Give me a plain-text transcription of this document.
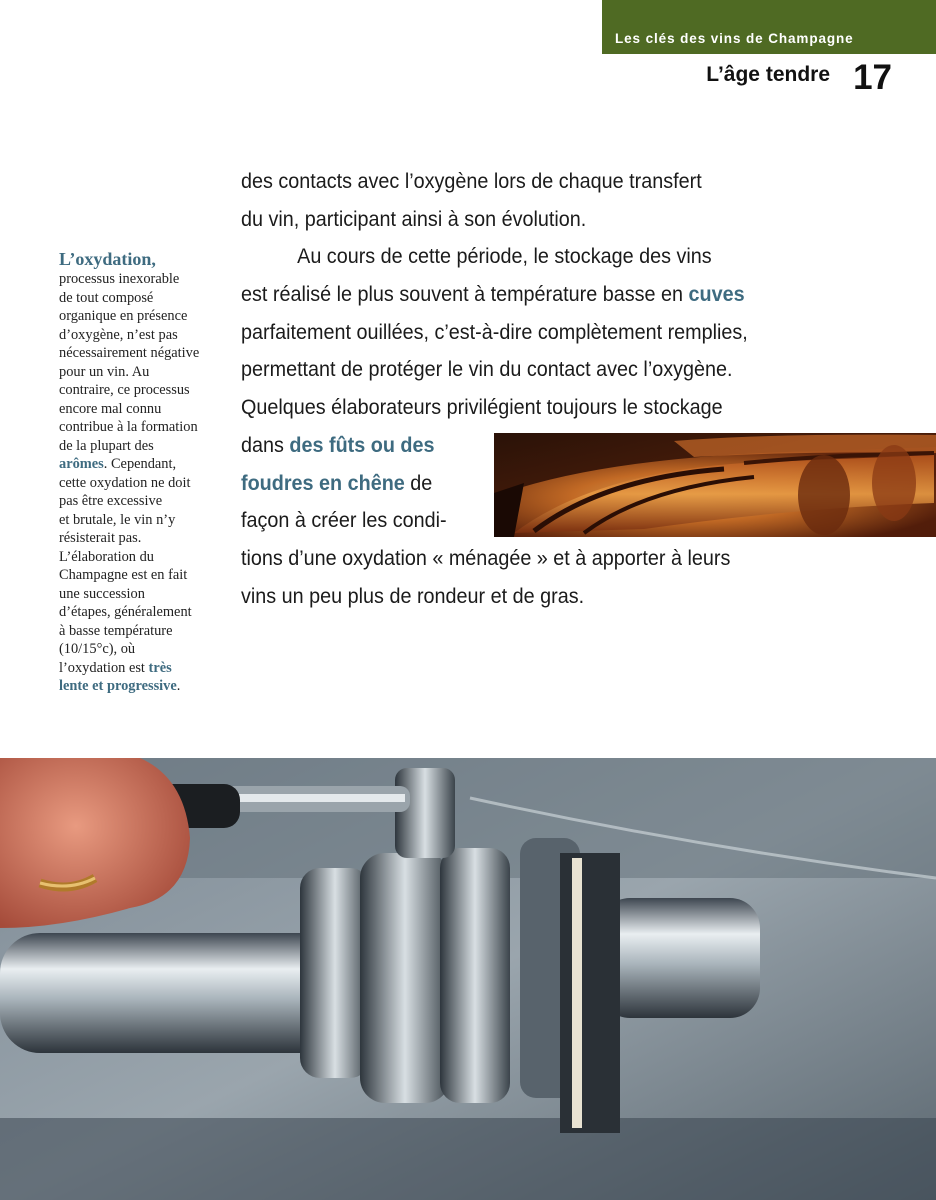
Les clés des vins de Champagne
L’âge tendre 17
L’oxydation,
processus inexorable
de tout composé
organique en présence
d’oxygène, n’est pas
nécessairement négative
pour un vin. Au
contraire, ce processus
encore mal connu
contribue à la formation
de la plupart des
arômes. Cependant,
cette oxydation ne doit
pas être excessive
et brutale, le vin n’y
résisterait pas.
L’élaboration du
Champagne est en fait
une succession
d’étapes, généralement
à basse température
(10/15°c), où
l’oxydation est très
lente et progressive.
des contacts avec l’oxygène lors de chaque transfert
du vin, participant ainsi à son évolution.
Au cours de cette période, le stockage des vins
est réalisé le plus souvent à température basse en cuves
parfaitement ouillées, c’est-à-dire complètement remplies,
permettant de protéger le vin du contact avec l’oxygène.
Quelques élaborateurs privilégient toujours le stockage
dans des fûts ou des
foudres en chêne de
façon à créer les condi-
tions d’une oxydation « ménagée » et à apporter à leurs
vins un peu plus de rondeur et de gras.
